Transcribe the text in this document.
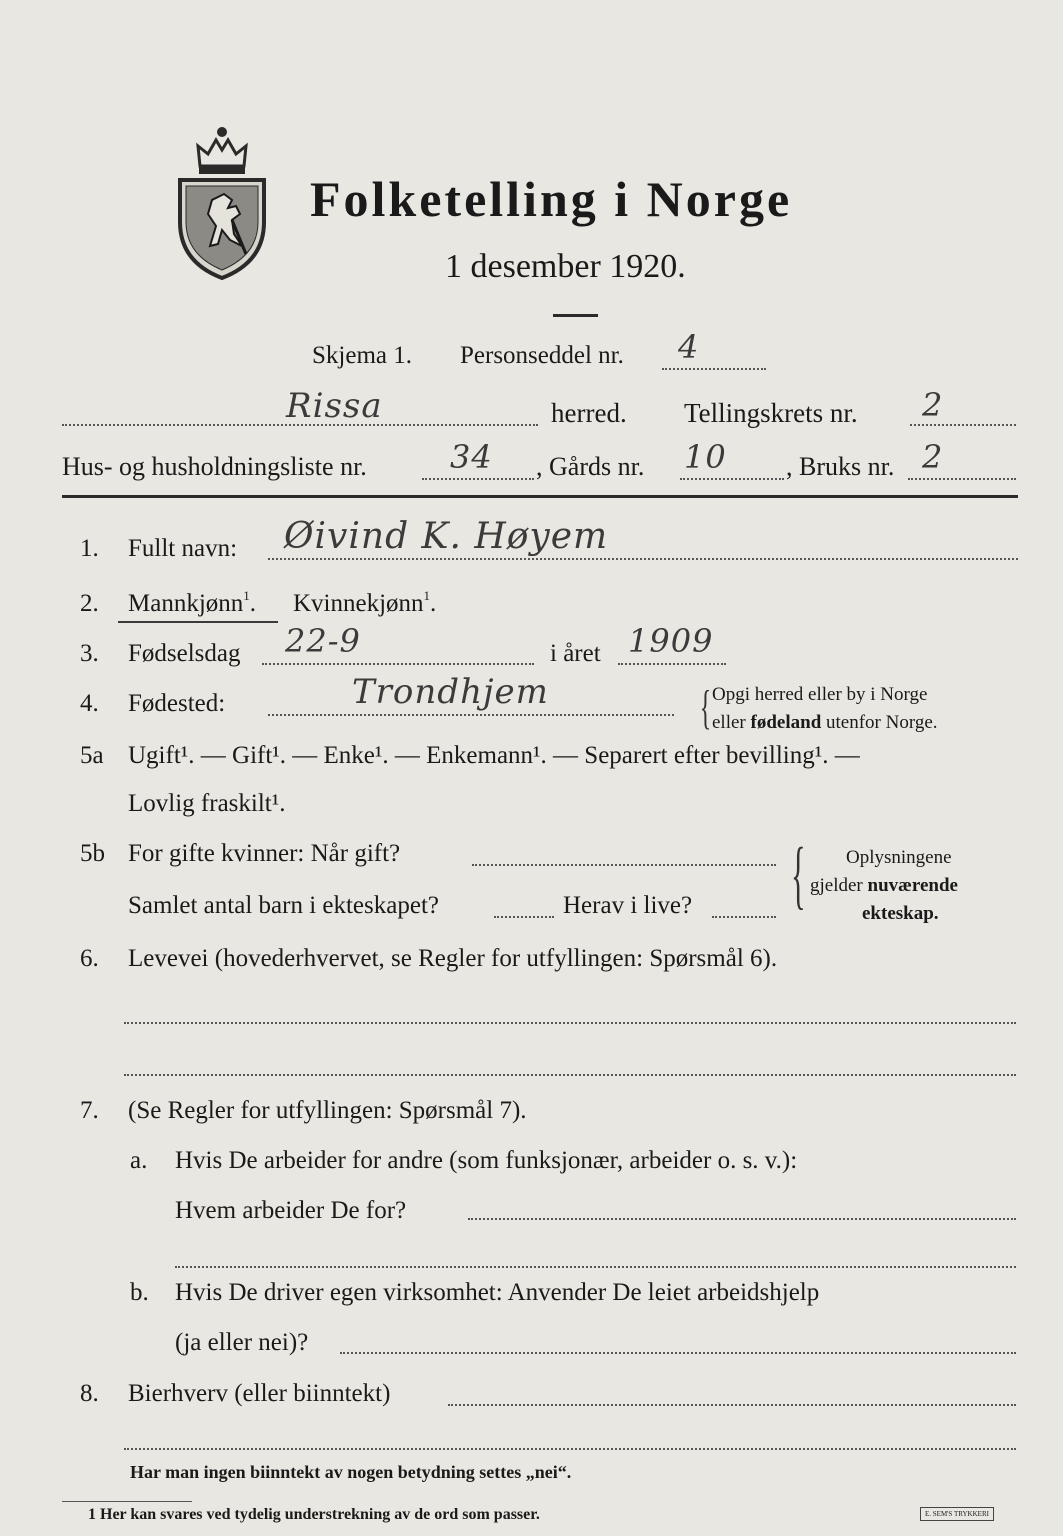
Folketelling i Norge
1 desember 1920.
Skjema 1. Personseddel nr. 4
Rissa	herred. Tellingskrets nr. 2
Hus- og husholdningsliste nr.	34 , Gårds nr. 10 , Bruks nr. 2
1. Fullt navn: Øivind K. Høyem
2. Mannkjønn$^1$. Kvinnekjønn$^1$.
3. Fødselsdag 22-9	i året 1909
4. Fødested:	Trondhjem	{ Opgi herred eller by i Norge
eller fødeland utenfor Norge.
5a Ugift¹. — Gift¹. — Enke¹. — Enkemann¹. — Separert efter bevilling¹. —
Lovlig fraskilt¹.
5b For gifte kvinner: Når gift?
Samlet antal barn i ekteskapet?	Herav i live? { Oplysningene
gjelder nuværende
ekteskap.
6. Levevei (hovederhvervet, se Regler for utfyllingen: Spørsmål 6).
7. (Se Regler for utfyllingen: Spørsmål 7).
a. Hvis De arbeider for andre (som funksjonær, arbeider o. s. v.):
Hvem arbeider De for?
b. Hvis De driver egen virksomhet: Anvender De leiet arbeidshjelp
(ja eller nei)?
8. Bierhverv (eller biinntekt)
Har man ingen biinntekt av nogen betydning settes „nei“.
1 Her kan svares ved tydelig understrekning av de ord som passer.	E. SEM'S TRYKKERI
